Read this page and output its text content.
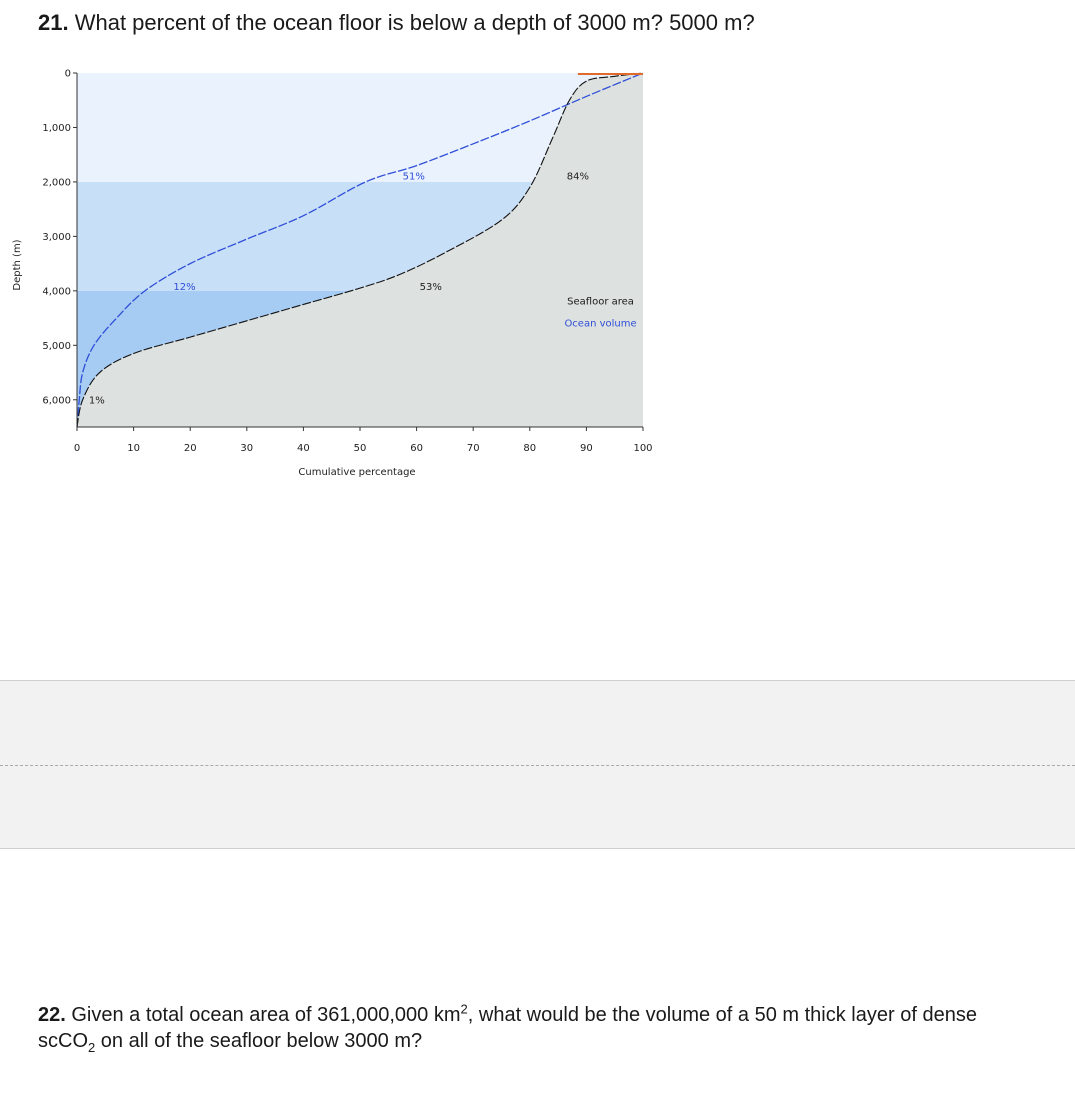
21. What percent of the ocean floor is below a depth of 3000 m? 5000 m?
0
1,000
2,000
3,000
4,000
5,000
6,000
0	10	20	30	40	50	60	70	80	90	100
Cumulative percentage
Depth (m)
1%
12%
51%
53%
84%
Seafloor area
Ocean volume
22. Given a total ocean area of 361,000,000 $km^2$, what would be the volume of a 50 m thick layer of dense scCO$_2$ on all of the seafloor below 3000 m?
